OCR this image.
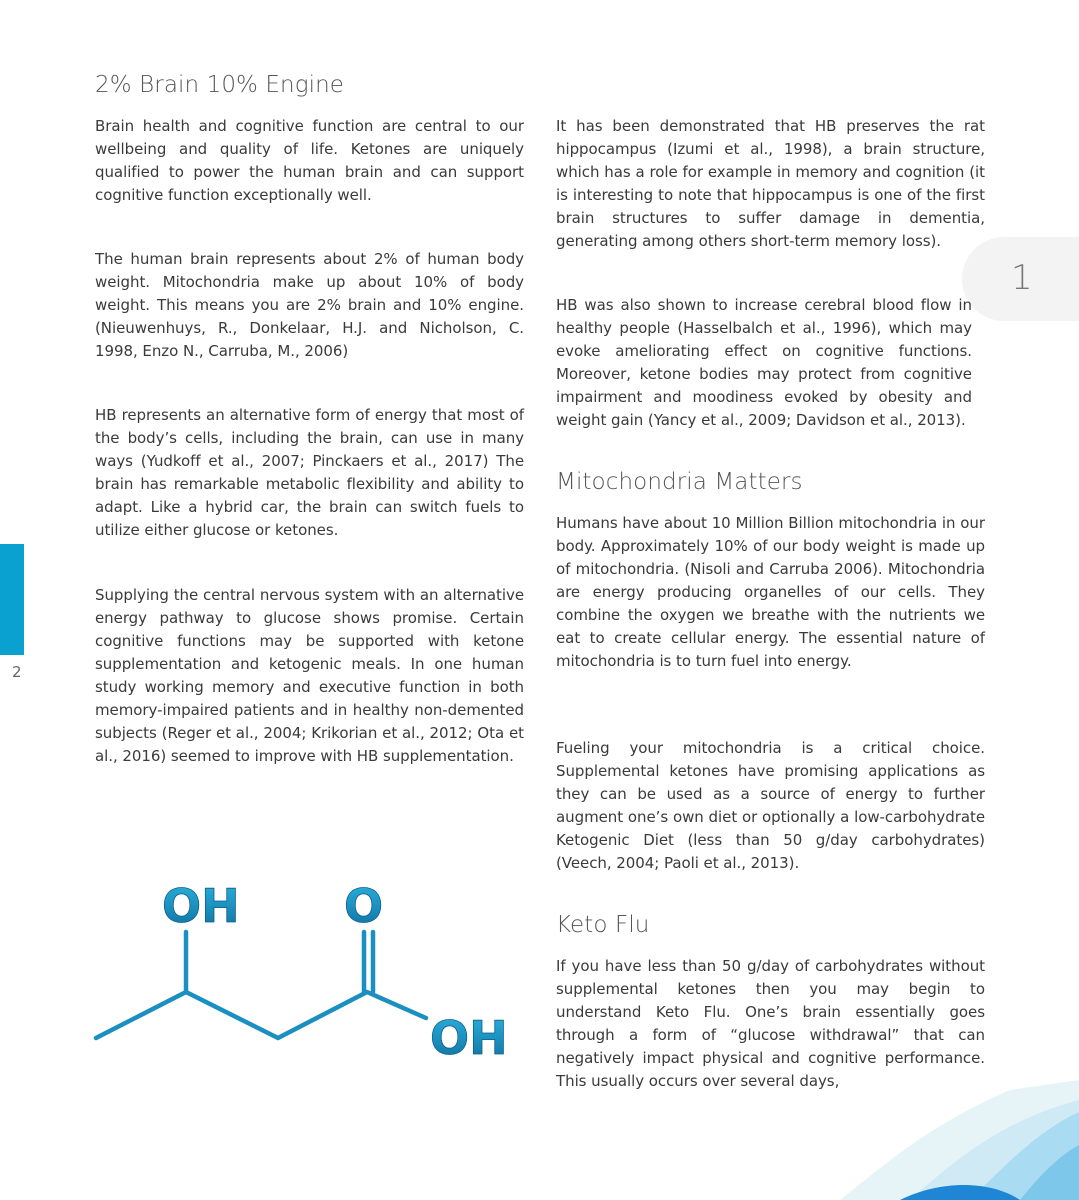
2
1
2% Brain 10% Engine

Brain health and cognitive function are central to our wellbeing and quality of life. Ketones are uniquely qualified to power the human brain and can support cognitive function exceptionally well.

The human brain represents about 2% of human body weight. Mitochondria make up about 10% of body weight. This means you are 2% brain and 10% engine. (Nieuwenhuys, R., Donkelaar, H.J. and Nicholson, C. 1998, Enzo N., Carruba, M., 2006)

HB represents an alternative form of energy that most of the body’s cells, including the brain, can use in many ways (Yudkoff et al., 2007; Pinckaers et al., 2017) The brain has remarkable metabolic flexibility and ability to adapt. Like a hybrid car, the brain can switch fuels to utilize either glucose or ketones.

Supplying the central nervous system with an alternative energy pathway to glucose shows promise. Certain cognitive functions may be supported with ketone supplementation and ketogenic meals. In one human study working memory and executive function in both memory-impaired patients and in healthy non-demented subjects (Reger et al., 2004; Krikorian et al., 2012; Ota et al., 2016) seemed to improve with HB supplementation.

OH O
OH

It has been demonstrated that HB preserves the rat hippocampus (Izumi et al., 1998), a brain structure, which has a role for example in memory and cognition (it is interesting to note that hippocampus is one of the first brain structures to suffer damage in dementia, generating among others short-term memory loss).

HB was also shown to increase cerebral blood flow in healthy people (Hasselbalch et al., 1996), which may evoke ameliorating effect on cognitive functions. Moreover, ketone bodies may protect from cognitive impairment and moodiness evoked by obesity and weight gain (Yancy et al., 2009; Davidson et al., 2013).

Mitochondria Matters

Humans have about 10 Million Billion mitochondria in our body. Approximately 10% of our body weight is made up of mitochondria. (Nisoli and Carruba 2006). Mitochondria are energy producing organelles of our cells. They combine the oxygen we breathe with the nutrients we eat to create cellular energy. The essential nature of mitochondria is to turn fuel into energy.

Fueling your mitochondria is a critical choice. Supplemental ketones have promising applications as they can be used as a source of energy to further augment one’s own diet or optionally a low-carbohydrate Ketogenic Diet (less than 50 g/day carbohydrates) (Veech, 2004; Paoli et al., 2013).

Keto Flu

If you have less than 50 g/day of carbohydrates without supplemental ketones then you may begin to understand Keto Flu. One’s brain essentially goes through a form of “glucose withdrawal” that can negatively impact physical and cognitive performance. This usually occurs over several days,
